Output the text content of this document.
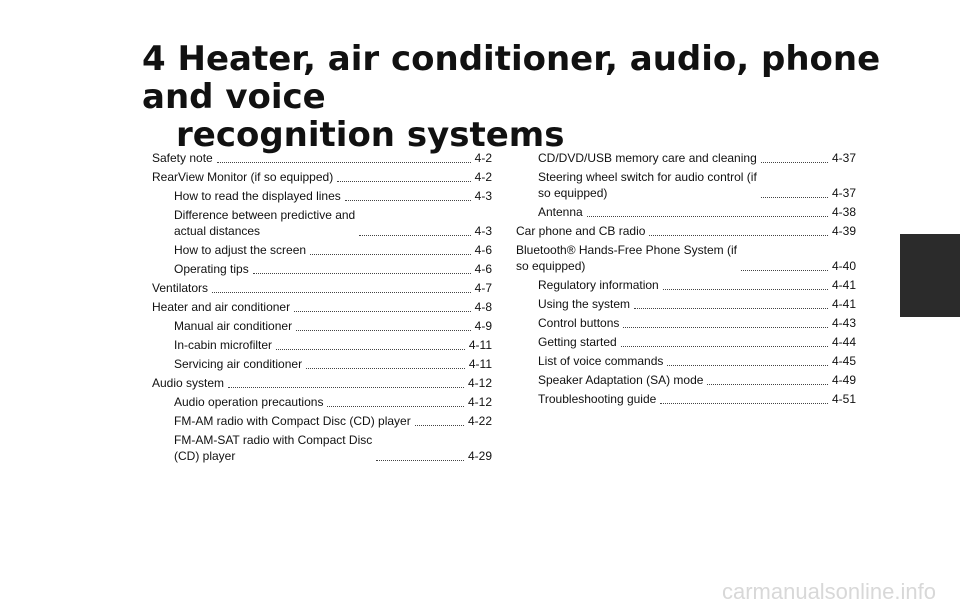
4 Heater, air conditioner, audio, phone and voice
recognition systems
Safety note	4-2
RearView Monitor (if so equipped)	4-2
How to read the displayed lines	4-3
Difference between predictive and
actual distances	4-3
How to adjust the screen	4-6
Operating tips	4-6
Ventilators	4-7
Heater and air conditioner	4-8
Manual air conditioner	4-9
In-cabin microfilter	4-11
Servicing air conditioner	4-11
Audio system	4-12
Audio operation precautions	4-12
FM-AM radio with Compact Disc (CD) player	4-22
FM-AM-SAT radio with Compact Disc
(CD) player	4-29
CD/DVD/USB memory care and cleaning	4-37
Steering wheel switch for audio control (if
so equipped)	4-37
Antenna	4-38
Car phone and CB radio	4-39
Bluetooth® Hands-Free Phone System (if
so equipped)	4-40
Regulatory information	4-41
Using the system	4-41
Control buttons	4-43
Getting started	4-44
List of voice commands	4-45
Speaker Adaptation (SA) mode	4-49
Troubleshooting guide	4-51
carmanualsonline.info
